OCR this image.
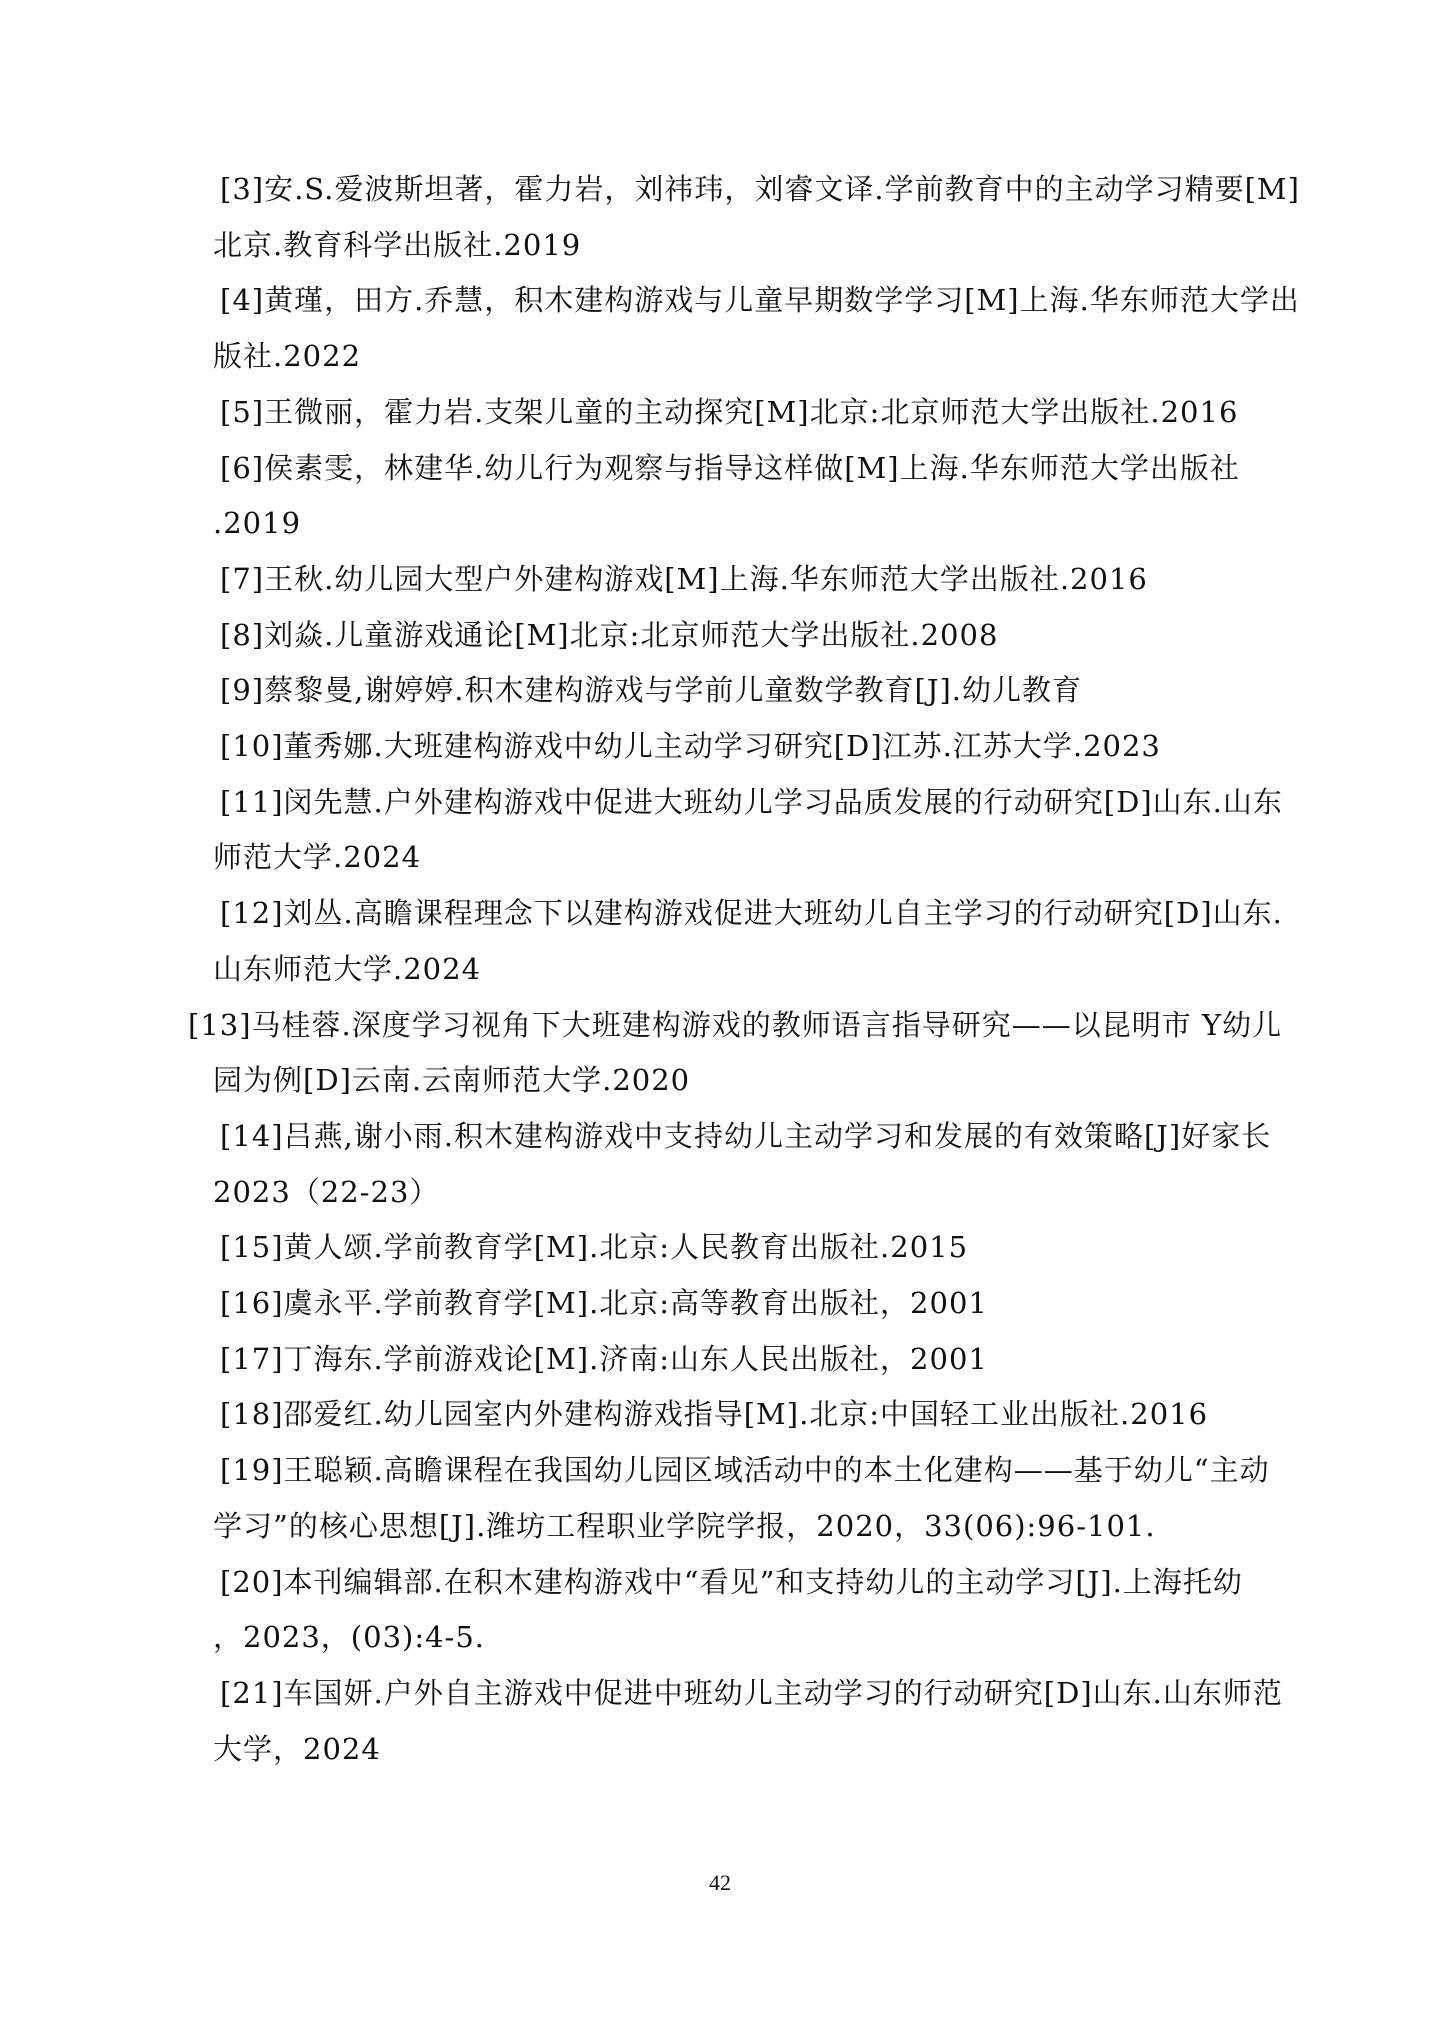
[3]安.S.爱波斯坦著，霍力岩，刘祎玮，刘睿文译.学前教育中的主动学习精要[M]
北京.教育科学出版社.2019
[4]黄瑾，田方.乔慧，积木建构游戏与儿童早期数学学习[M]上海.华东师范大学出
版社.2022
[5]王微丽，霍力岩.支架儿童的主动探究[M]北京:北京师范大学出版社.2016
[6]侯素雯，林建华.幼儿行为观察与指导这样做[M]上海.华东师范大学出版社
.2019
[7]王秋.幼儿园大型户外建构游戏[M]上海.华东师范大学出版社.2016
[8]刘焱.儿童游戏通论[M]北京:北京师范大学出版社.2008
[9]蔡黎曼,谢婷婷.积木建构游戏与学前儿童数学教育[J].幼儿教育
[10]董秀娜.大班建构游戏中幼儿主动学习研究[D]江苏.江苏大学.2023
[11]闵先慧.户外建构游戏中促进大班幼儿学习品质发展的行动研究[D]山东.山东
师范大学.2024
[12]刘丛.高瞻课程理念下以建构游戏促进大班幼儿自主学习的行动研究[D]山东.
山东师范大学.2024
[13]马桂蓉.深度学习视角下大班建构游戏的教师语言指导研究——以昆明市 Y幼儿
园为例[D]云南.云南师范大学.2020
[14]吕燕,谢小雨.积木建构游戏中支持幼儿主动学习和发展的有效策略[J]好家长
2023（22-23）
[15]黄人颂.学前教育学[M].北京:人民教育出版社.2015
[16]虞永平.学前教育学[M].北京:高等教育出版社，2001
[17]丁海东.学前游戏论[M].济南:山东人民出版社，2001
[18]邵爱红.幼儿园室内外建构游戏指导[M].北京:中国轻工业出版社.2016
[19]王聪颖.高瞻课程在我国幼儿园区域活动中的本土化建构——基于幼儿“主动
学习”的核心思想[J].潍坊工程职业学院学报，2020，33(06):96-101.
[20]本刊编辑部.在积木建构游戏中“看见”和支持幼儿的主动学习[J].上海托幼
，2023，(03):4-5.
[21]车国妍.户外自主游戏中促进中班幼儿主动学习的行动研究[D]山东.山东师范
大学，2024
42
